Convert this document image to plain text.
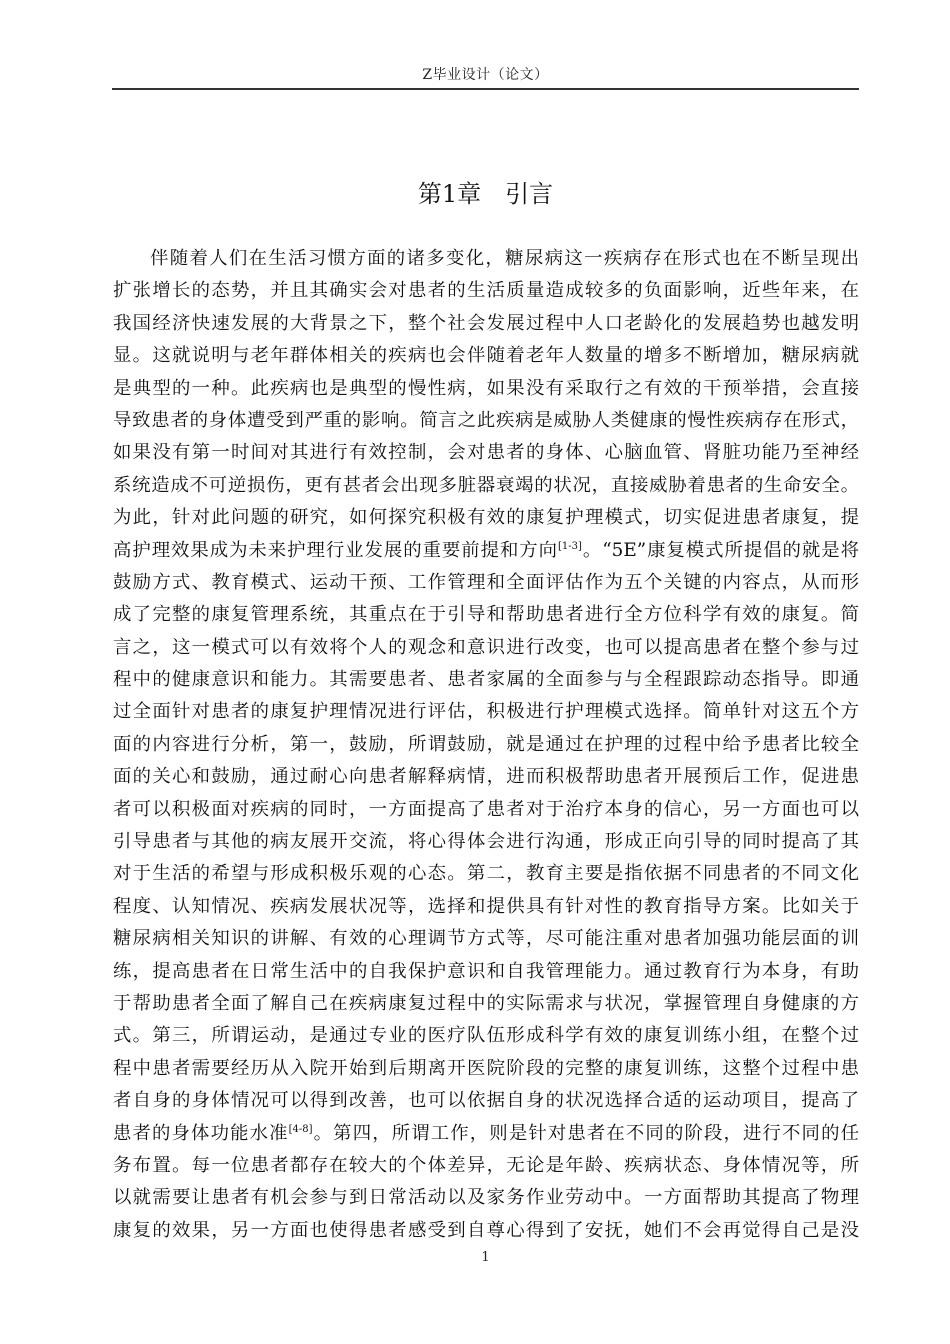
Z毕业设计（论文）
第1章　引言
伴随着人们在生活习惯方面的诸多变化，糖尿病这一疾病存在形式也在不断呈现出
扩张增长的态势，并且其确实会对患者的生活质量造成较多的负面影响，近些年来，在
我国经济快速发展的大背景之下，整个社会发展过程中人口老龄化的发展趋势也越发明
显。这就说明与老年群体相关的疾病也会伴随着老年人数量的增多不断增加，糖尿病就
是典型的一种。此疾病也是典型的慢性病，如果没有采取行之有效的干预举措，会直接
导致患者的身体遭受到严重的影响。简言之此疾病是威胁人类健康的慢性疾病存在形式，
如果没有第一时间对其进行有效控制，会对患者的身体、心脑血管、肾脏功能乃至神经
系统造成不可逆损伤，更有甚者会出现多脏器衰竭的状况，直接威胁着患者的生命安全。
为此，针对此问题的研究，如何探究积极有效的康复护理模式，切实促进患者康复，提
高护理效果成为未来护理行业发展的重要前提和方向[1-3]。“5E”康复模式所提倡的就是将
鼓励方式、教育模式、运动干预、工作管理和全面评估作为五个关键的内容点，从而形
成了完整的康复管理系统，其重点在于引导和帮助患者进行全方位科学有效的康复。简
言之，这一模式可以有效将个人的观念和意识进行改变，也可以提高患者在整个参与过
程中的健康意识和能力。其需要患者、患者家属的全面参与与全程跟踪动态指导。即通
过全面针对患者的康复护理情况进行评估，积极进行护理模式选择。简单针对这五个方
面的内容进行分析，第一，鼓励，所谓鼓励，就是通过在护理的过程中给予患者比较全
面的关心和鼓励，通过耐心向患者解释病情，进而积极帮助患者开展预后工作，促进患
者可以积极面对疾病的同时，一方面提高了患者对于治疗本身的信心，另一方面也可以
引导患者与其他的病友展开交流，将心得体会进行沟通，形成正向引导的同时提高了其
对于生活的希望与形成积极乐观的心态。第二，教育主要是指依据不同患者的不同文化
程度、认知情况、疾病发展状况等，选择和提供具有针对性的教育指导方案。比如关于
糖尿病相关知识的讲解、有效的心理调节方式等，尽可能注重对患者加强功能层面的训
练，提高患者在日常生活中的自我保护意识和自我管理能力。通过教育行为本身，有助
于帮助患者全面了解自己在疾病康复过程中的实际需求与状况，掌握管理自身健康的方
式。第三，所谓运动，是通过专业的医疗队伍形成科学有效的康复训练小组，在整个过
程中患者需要经历从入院开始到后期离开医院阶段的完整的康复训练，这整个过程中患
者自身的身体情况可以得到改善，也可以依据自身的状况选择合适的运动项目，提高了
患者的身体功能水准[4-8]。第四，所谓工作，则是针对患者在不同的阶段，进行不同的任
务布置。每一位患者都存在较大的个体差异，无论是年龄、疾病状态、身体情况等，所
以就需要让患者有机会参与到日常活动以及家务作业劳动中。一方面帮助其提高了物理
康复的效果，另一方面也使得患者感受到自尊心得到了安抚，她们不会再觉得自己是没
1
